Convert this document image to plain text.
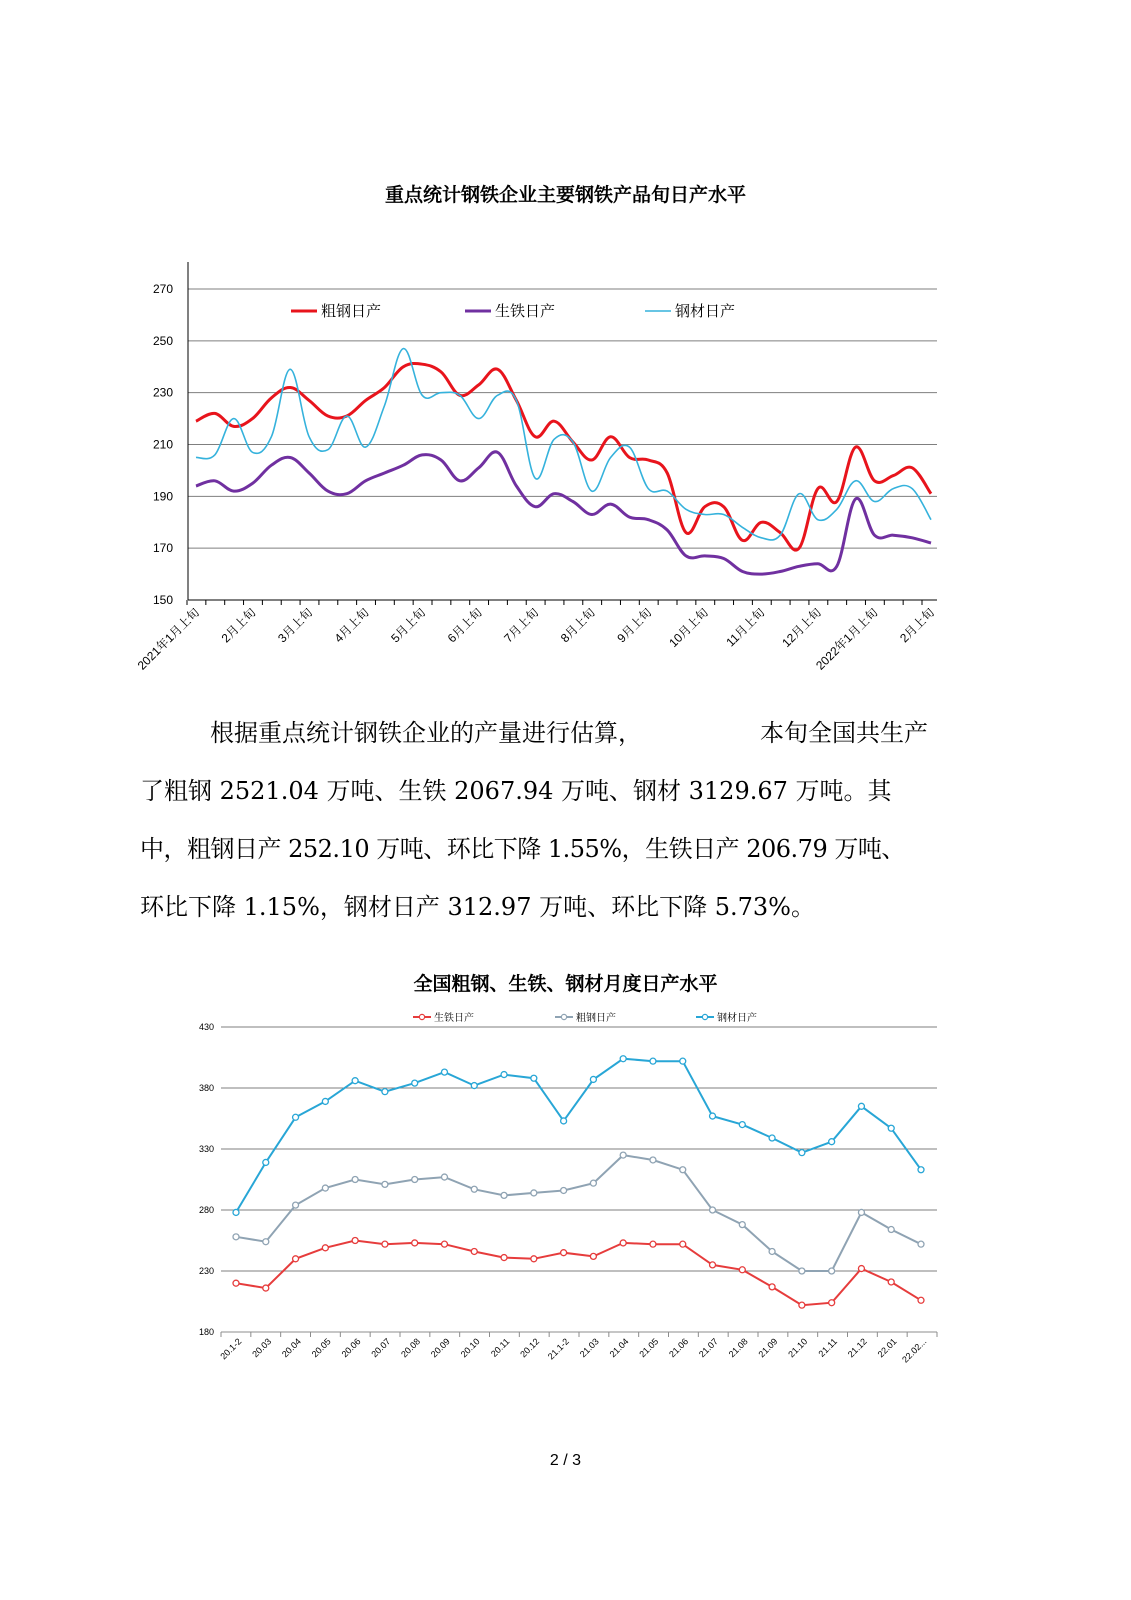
重点统计钢铁企业主要钢铁产品旬日产水平
150
170
190
210
230
250
270
2021年1月上旬 2月上旬 3月上旬 4月上旬 5月上旬 6月上旬 7月上旬 8月上旬 9月上旬 10月上旬 11月上旬 12月上旬
2022年1月上旬 2月上旬
粗钢日产	生铁日产	钢材日产
根据重点统计钢铁企业的产量进行估算，	本旬全国共生产
了粗钢 2521.04 万吨、生铁 2067.94 万吨、钢材 3129.67 万吨。其
中，粗钢日产 252.10 万吨、环比下降 1.55%，生铁日产 206.79 万吨、
环比下降 1.15%，钢材日产 312.97 万吨、环比下降 5.73%。
全国粗钢、生铁、钢材月度日产水平
180
230
280
330
380
430
20.1-2 20.03 20.04 20.05 20.06 20.07 20.08 20.09 20.10 20.11 20.12 21.1-2 21.03 21.04 21.05 21.06 21.07 21.08 21.09 21.10 21.11 21.12 22.01 22.02...
生铁日产	粗钢日产	钢材日产
2 / 3
